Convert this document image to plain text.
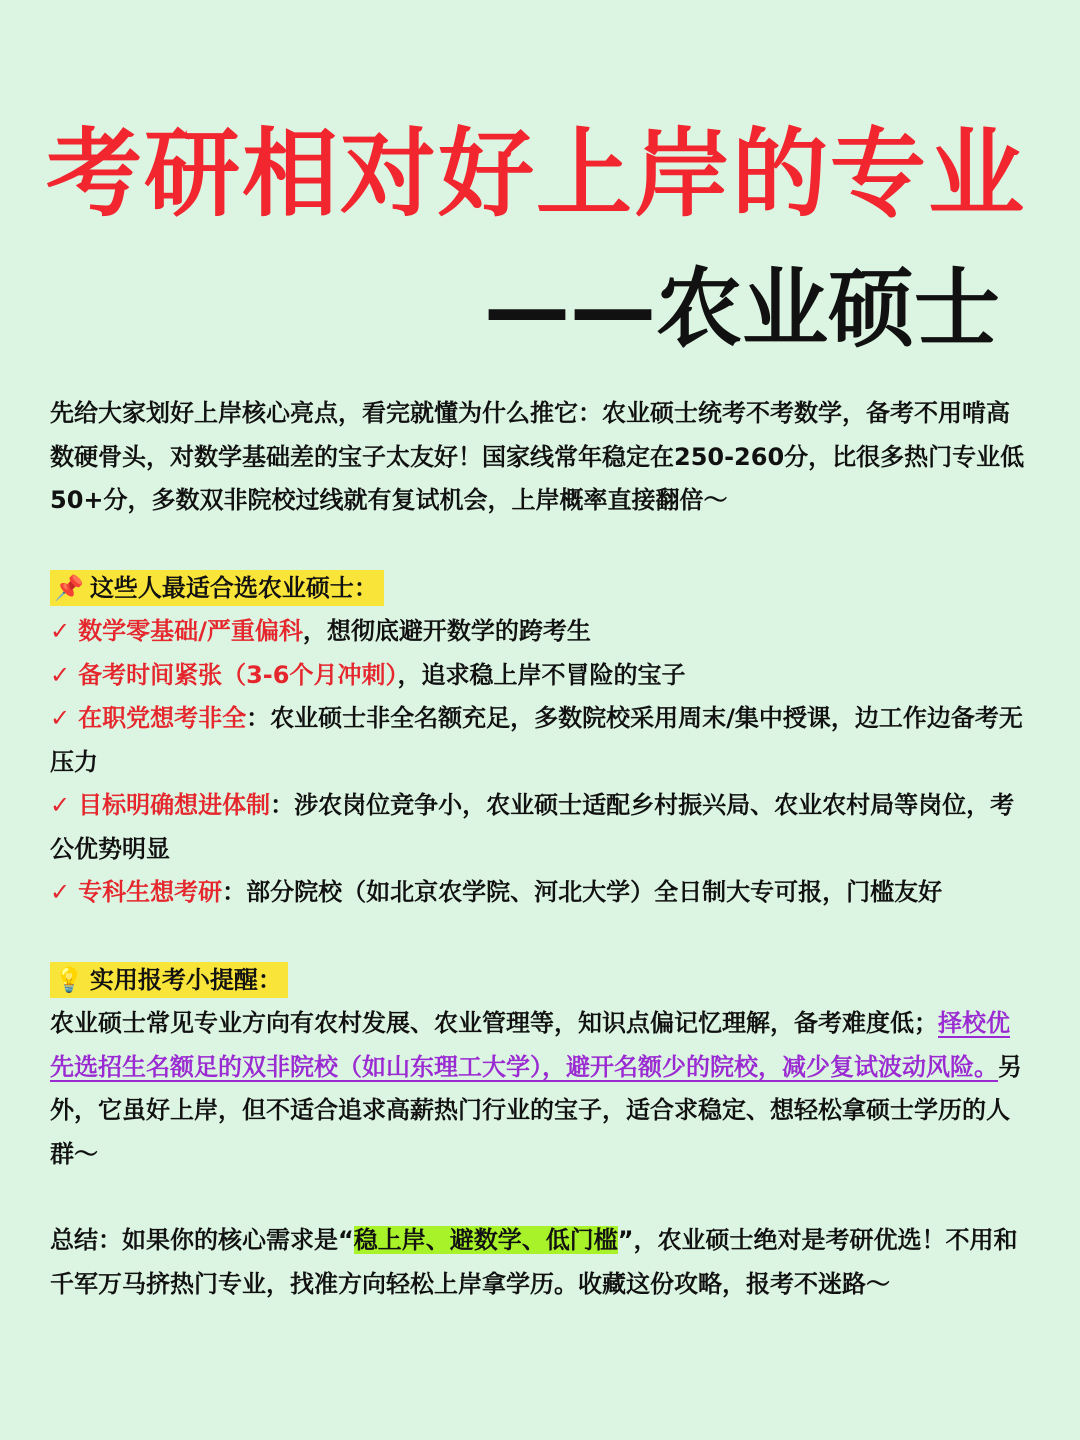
考研相对好上岸的专业
——农业硕士

先给大家划好上岸核心亮点，看完就懂为什么推它：农业硕士统考不考数学，备考不用啃高数硬骨头，对数学基础差的宝子太友好！国家线常年稳定在250-260分，比很多热门专业低50+分，多数双非院校过线就有复试机会，上岸概率直接翻倍～

📌 这些人最适合选农业硕士：

✓ 数学零基础/严重偏科，想彻底避开数学的跨考生

✓ 备考时间紧张（3-6个月冲刺），追求稳上岸不冒险的宝子

✓ 在职党想考非全：农业硕士非全名额充足，多数院校采用周末/集中授课，边工作边备考无压力

✓ 目标明确想进体制：涉农岗位竞争小，农业硕士适配乡村振兴局、农业农村局等岗位，考公优势明显

✓ 专科生想考研：部分院校（如北京农学院、河北大学）全日制大专可报，门槛友好

💡 实用报考小提醒：

农业硕士常见专业方向有农村发展、农业管理等，知识点偏记忆理解，备考难度低；择校优先选招生名额足的双非院校（如山东理工大学），避开名额少的院校，减少复试波动风险。另外，它虽好上岸，但不适合追求高薪热门行业的宝子，适合求稳定、想轻松拿硕士学历的人群～

总结：如果你的核心需求是“稳上岸、避数学、低门槛”，农业硕士绝对是考研优选！不用和千军万马挤热门专业，找准方向轻松上岸拿学历。收藏这份攻略，报考不迷路～
